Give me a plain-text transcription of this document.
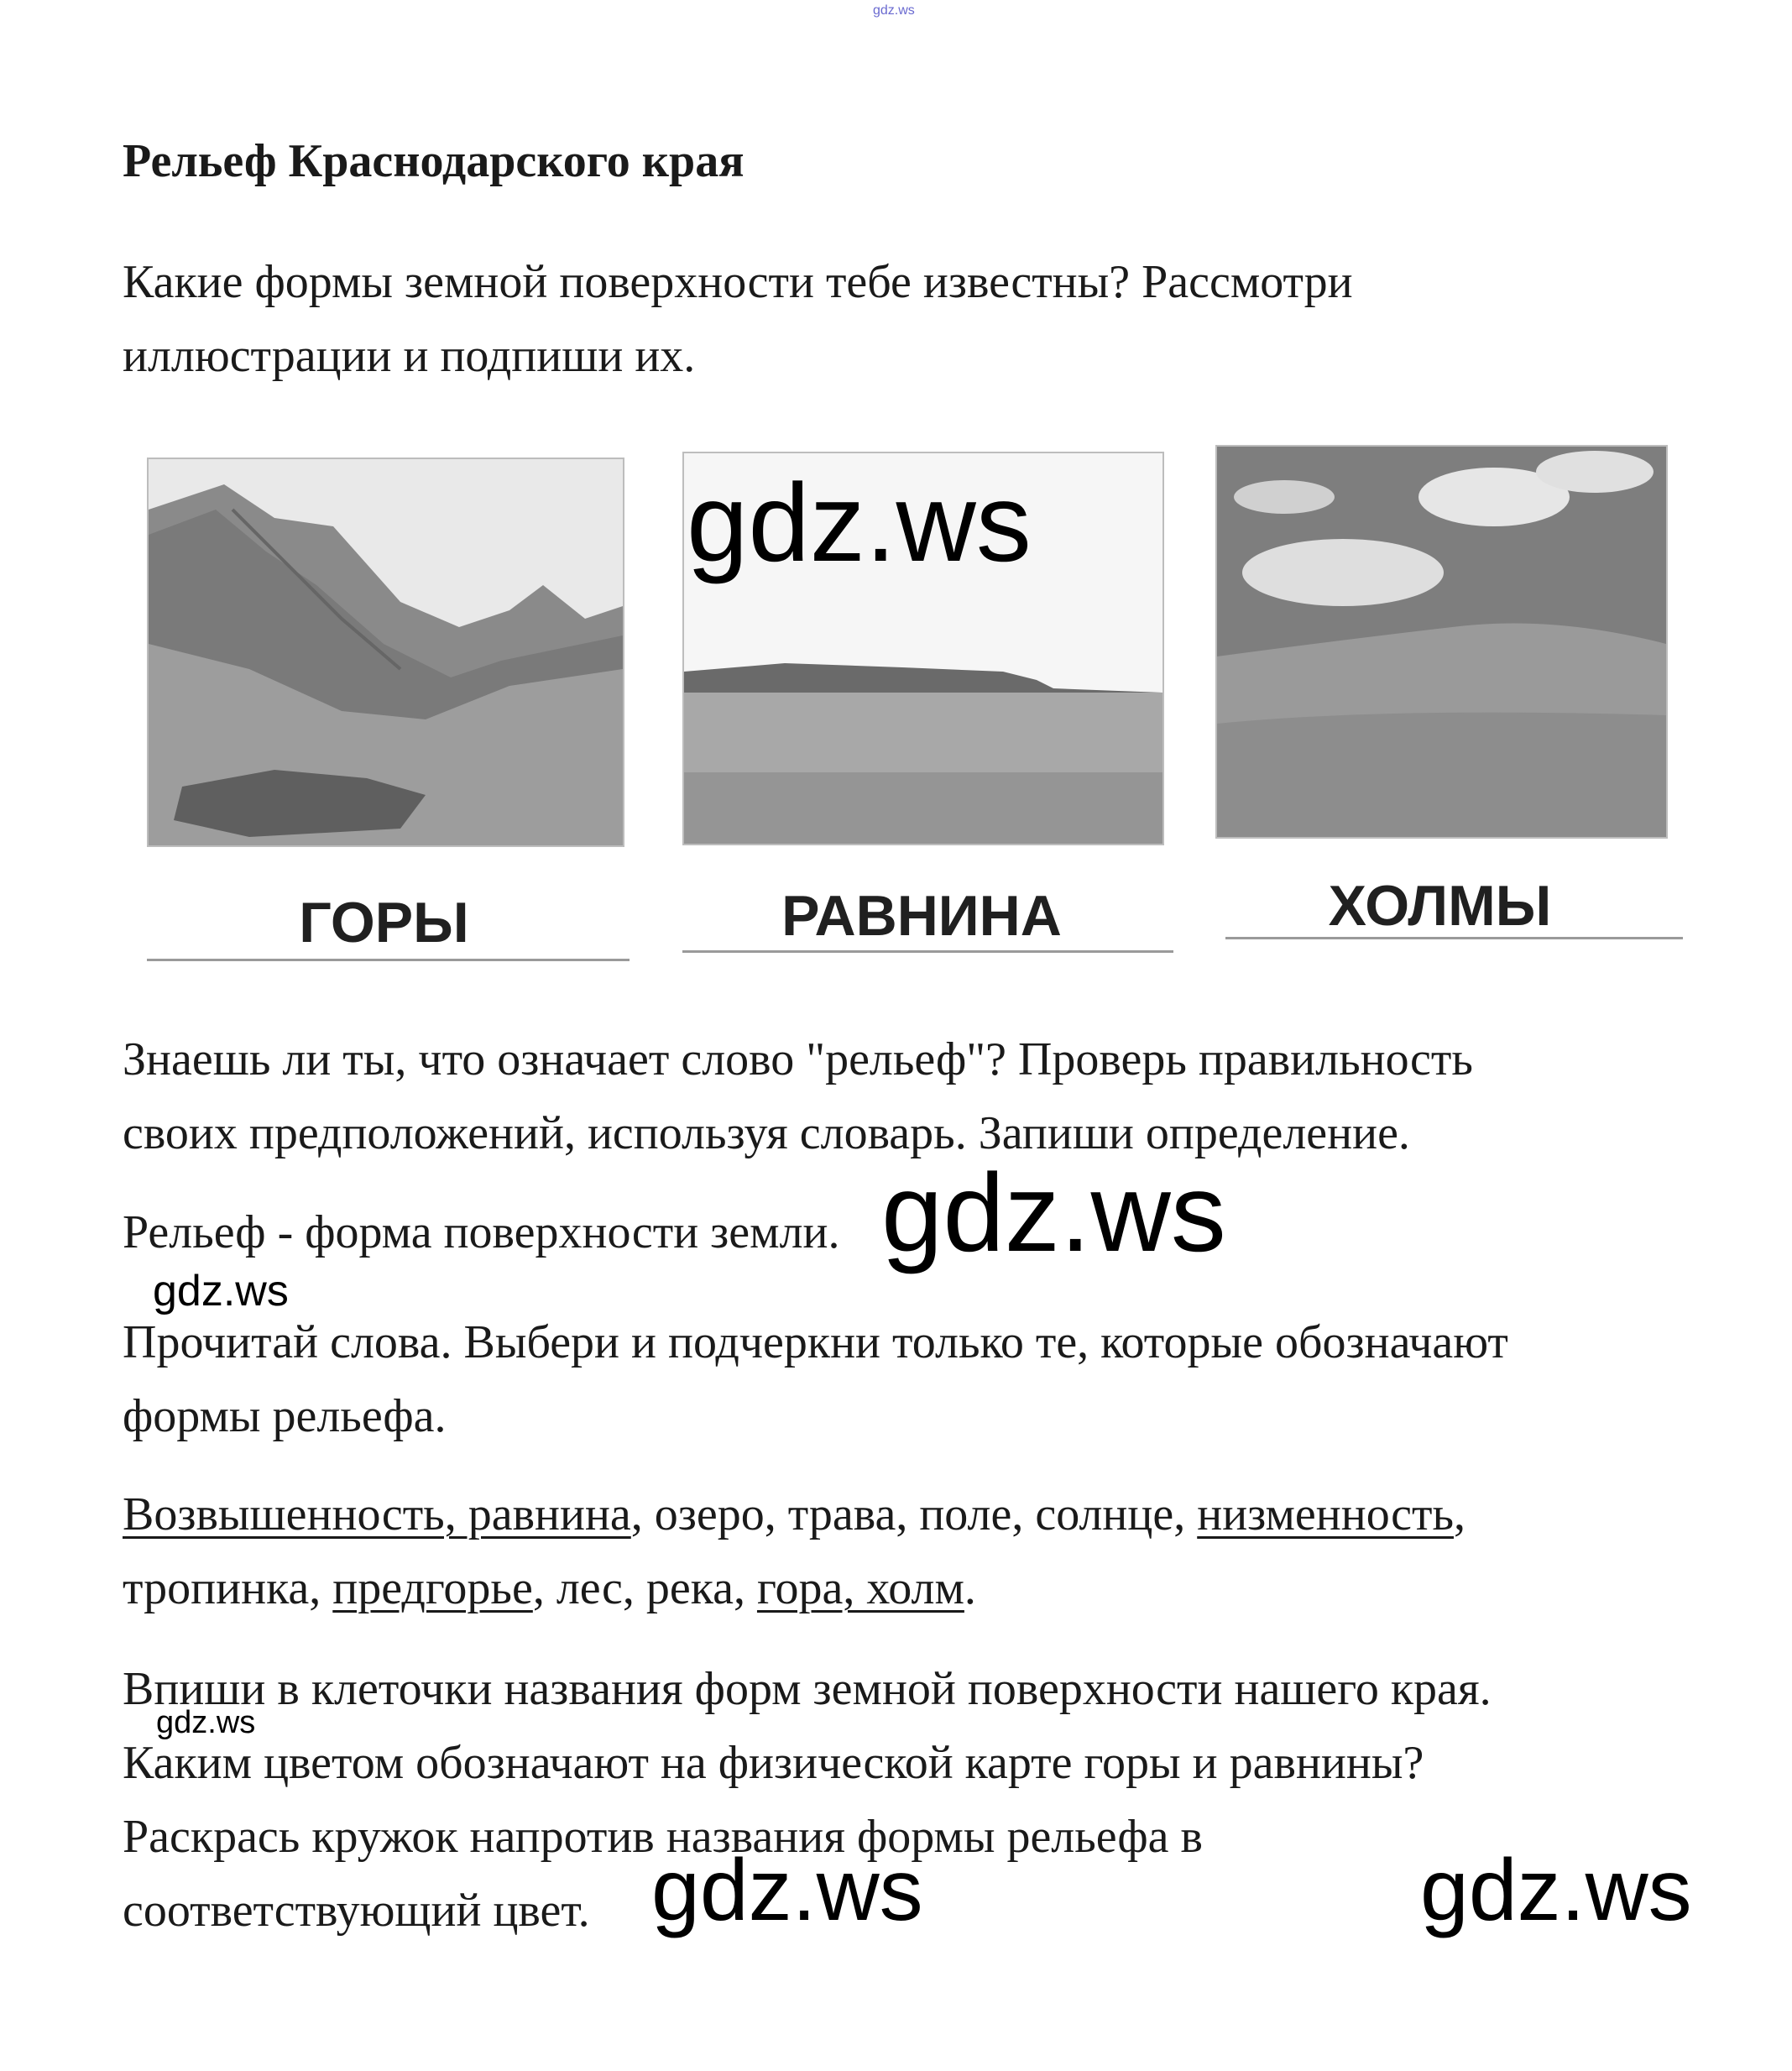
gdz.ws
Рельеф Краснодарского края
Какие формы земной поверхности тебе известны? Рассмотри
иллюстрации и подпиши их.
ГОРЫ	РАВНИНА	ХОЛМЫ
Знаешь ли ты, что означает слово "рельеф"? Проверь правильность
своих предположений, используя словарь. Запиши определение.
Рельеф - форма поверхности земли.
Прочитай слова. Выбери и подчеркни только те, которые обозначают
формы рельефа.
Возвышенность, равнина, озеро, трава, поле, солнце, низменность,
тропинка, предгорье, лес, река, гора, холм.
Впиши в клеточки названия форм земной поверхности нашего края.
Каким цветом обозначают на физической карте горы и равнины?
Раскрась кружок напротив названия формы рельефа в
соответствующий цвет.
gdz.ws
gdz.ws
gdz.ws
gdz.ws
gdz.ws	gdz.ws
